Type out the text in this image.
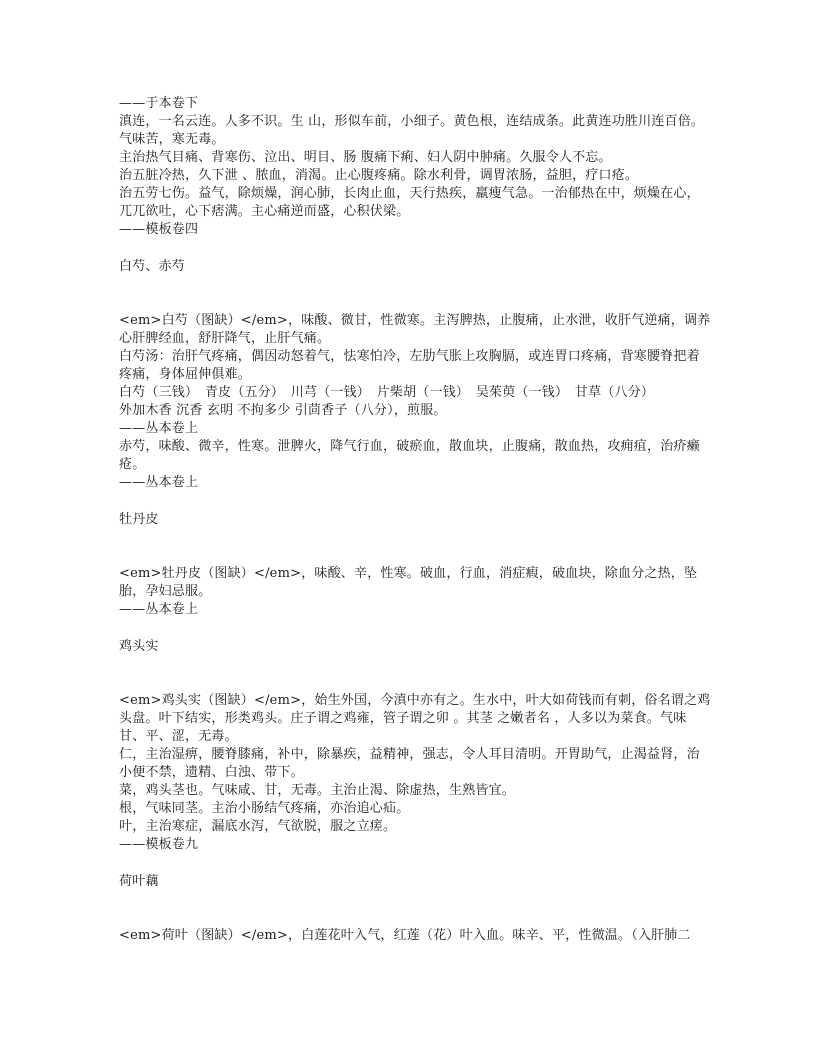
——于本卷下
滇连，一名云连。人多不识。生 山，形似车前，小细子。黄色根，连结成条。此黄连功胜川连百倍。气味苦，寒无毒。
主治热气目痛、背寒伤、泣出、明目、肠 腹痛下痢、妇人阴中肿痛。久服令人不忘。
治五脏冷热，久下泄 、脓血，消渴。止心腹疼痛。除水利骨，调胃浓肠，益胆，疗口疮。
治五劳七伤。益气，除烦燥，润心肺，长肉止血，天行热疾，羸瘦气急。一治郁热在中，烦燥在心，兀兀欲吐，心下痞满。主心痛逆而盛，心积伏梁。
——模板卷四
白芍、赤芍
<em>白芍（图缺）</em>，味酸、微甘，性微寒。主泻脾热，止腹痛，止水泄，收肝气逆痛，调养心肝脾经血，舒肝降气，止肝气痛。
白芍汤：治肝气疼痛，偶因动怒着气，怯寒怕冷，左肋气胀上攻胸膈，或连胃口疼痛，背寒腰脊把着疼痛，身体屈伸俱难。
白芍（三钱）　青皮（五分）　川芎（一钱）　片柴胡（一钱）　吴茱萸（一钱）　甘草（八分）
外加木香 沉香 玄明 不拘多少 引茴香子（八分），煎服。
——丛本卷上
赤芍，味酸、微辛，性寒。泄脾火，降气行血，破瘀血，散血块，止腹痛，散血热，攻痈疽，治疥癞疮。
——丛本卷上
牡丹皮
<em>牡丹皮（图缺）</em>，味酸、辛，性寒。破血，行血，消症瘕，破血块，除血分之热，坠胎，孕妇忌服。
——丛本卷上
鸡头实
<em>鸡头实（图缺）</em>，始生外国，今滇中亦有之。生水中，叶大如荷钱而有刺，俗名谓之鸡头盘。叶下结实，形类鸡头。庄子谓之鸡雍，管子谓之卯 。其茎 之嫩者名 ，人多以为菜食。气味甘、平、涩，无毒。
仁，主治湿痹，腰脊膝痛，补中，除暴疾，益精神，强志，令人耳目清明。开胃助气，止渴益肾，治小便不禁，遗精、白浊、带下。
菜，鸡头茎也。气味咸、甘，无毒。主治止渴、除虚热，生熟皆宜。
根，气味同茎。主治小肠结气疼痛，亦治追心疝。
叶，主治寒症，漏底水泻，气欲脱，服之立瘥。
——模板卷九
荷叶藕
<em>荷叶（图缺）</em>，白莲花叶入气，红莲（花）叶入血。味辛、平，性微温。（入肝肺二
